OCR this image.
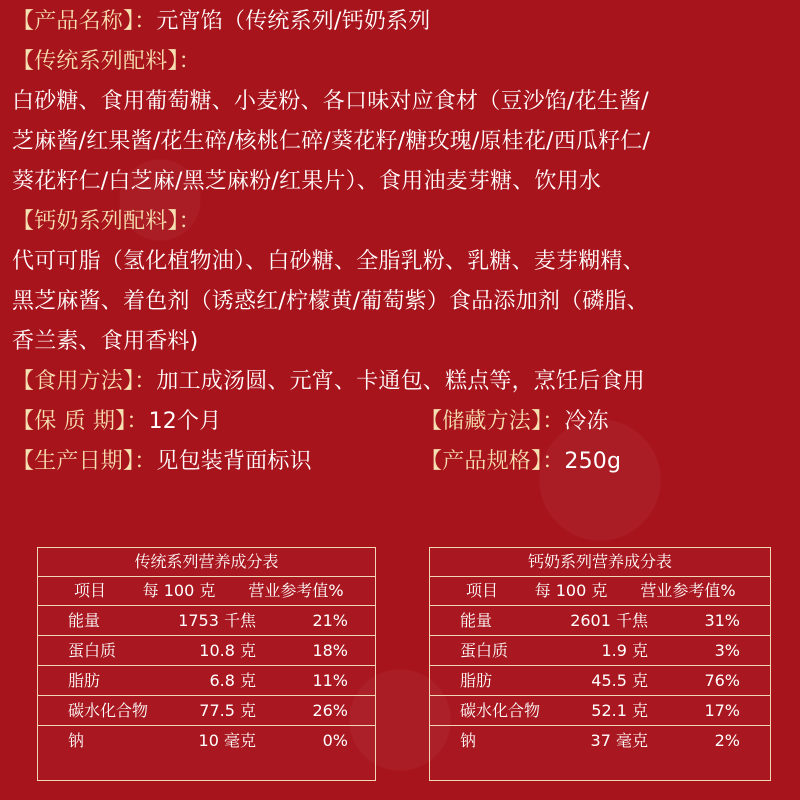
【产品名称】：元宵馅（传统系列/钙奶系列
【传统系列配料】：
白砂糖、食用葡萄糖、小麦粉、各口味对应食材（豆沙馅/花生酱/
芝麻酱/红果酱/花生碎/核桃仁碎/葵花籽/糖玫瑰/原桂花/西瓜籽仁/
葵花籽仁/白芝麻/黑芝麻粉/红果片）、食用油麦芽糖、饮用水
【钙奶系列配料】：
代可可脂（氢化植物油）、白砂糖、全脂乳粉、乳糖、麦芽糊精、
黑芝麻酱、着色剂（诱惑红/柠檬黄/葡萄紫）食品添加剂（磷脂、
香兰素、食用香料)
【食用方法】：加工成汤圆、元宵、卡通包、糕点等，烹饪后食用
【保 质 期】：12个月	【储藏方法】：冷冻
【生产日期】：见包装背面标识	【产品规格】：250g
传统系列营养成分表
项目	每 100 克	营业参考值%
能量	1753 千焦	21%
蛋白质	10.8 克	18%
脂肪	6.8 克	11%
碳水化合物	77.5 克	26%
钠	10 毫克	0%
钙奶系列营养成分表
项目	每 100 克	营业参考值%
能量	2601 千焦	31%
蛋白质	1.9 克	3%
脂肪	45.5 克	76%
碳水化合物	52.1 克	17%
钠	37 毫克	2%
